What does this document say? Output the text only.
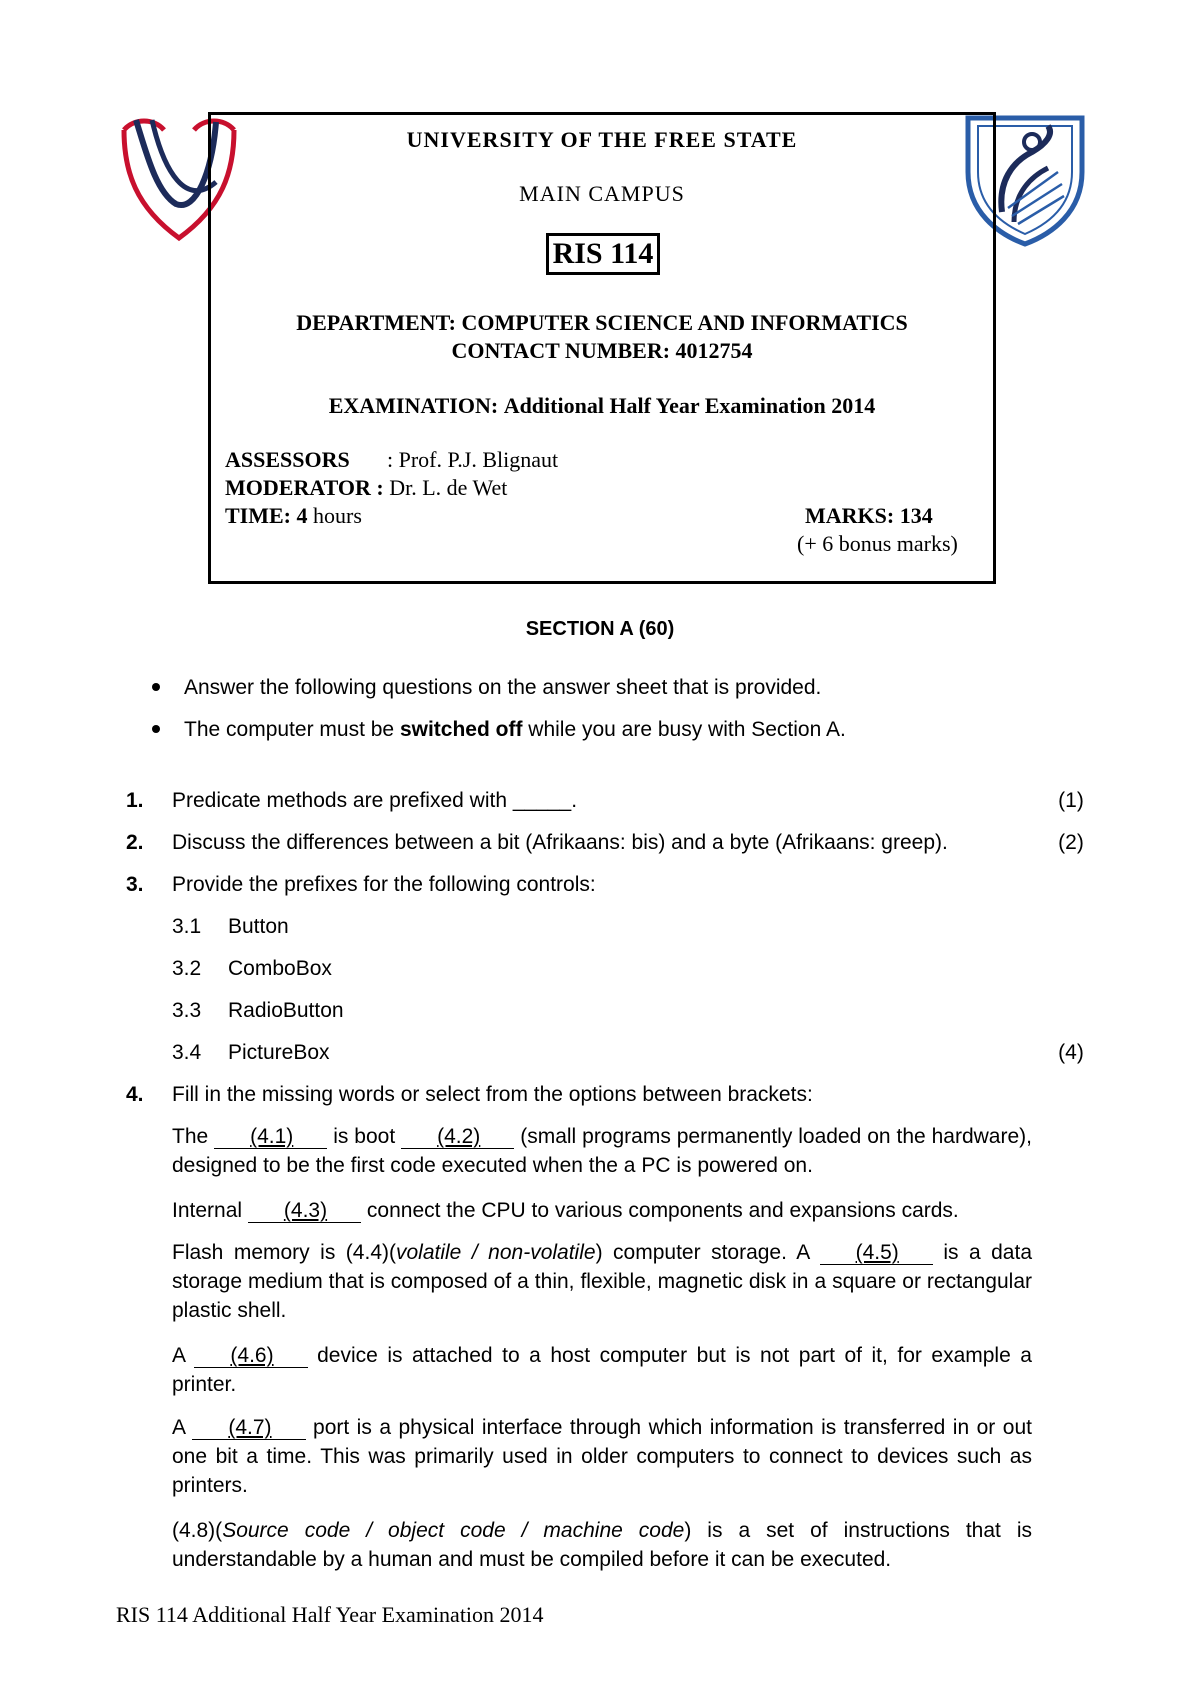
UNIVERSITY OF THE FREE STATE
MAIN CAMPUS
RIS 114
DEPARTMENT: COMPUTER SCIENCE AND INFORMATICS
CONTACT NUMBER: 4012754
EXAMINATION: Additional Half Year Examination 2014
ASSESSORS : Prof. P.J. Blignaut
MODERATOR : Dr. L. de Wet
TIME: 4 hours	MARKS: 134
(+ 6 bonus marks)
SECTION A (60)
Answer the following questions on the answer sheet that is provided.
The computer must be switched off while you are busy with Section A.
1. Predicate methods are prefixed with _____.	(1)
2. Discuss the differences between a bit (Afrikaans: bis) and a byte (Afrikaans: greep).	(2)
3. Provide the prefixes for the following controls:
3.1 Button
3.2 ComboBox
3.3 RadioButton
3.4 PictureBox	(4)
4. Fill in the missing words or select from the options between brackets:
The (4.1) is boot (4.2) (small programs permanently loaded on the hardware), designed to be the first code executed when the a PC is powered on.
Internal (4.3) connect the CPU to various components and expansions cards.
Flash memory is (4.4)(volatile / non-volatile) computer storage. A (4.5) is a data storage medium that is composed of a thin, flexible, magnetic disk in a square or rectangular plastic shell.
A (4.6) device is attached to a host computer but is not part of it, for example a printer.
A (4.7) port is a physical interface through which information is transferred in or out one bit a time. This was primarily used in older computers to connect to devices such as printers.
(4.8)(Source code / object code / machine code) is a set of instructions that is understandable by a human and must be compiled before it can be executed.
RIS 114 Additional Half Year Examination 2014
